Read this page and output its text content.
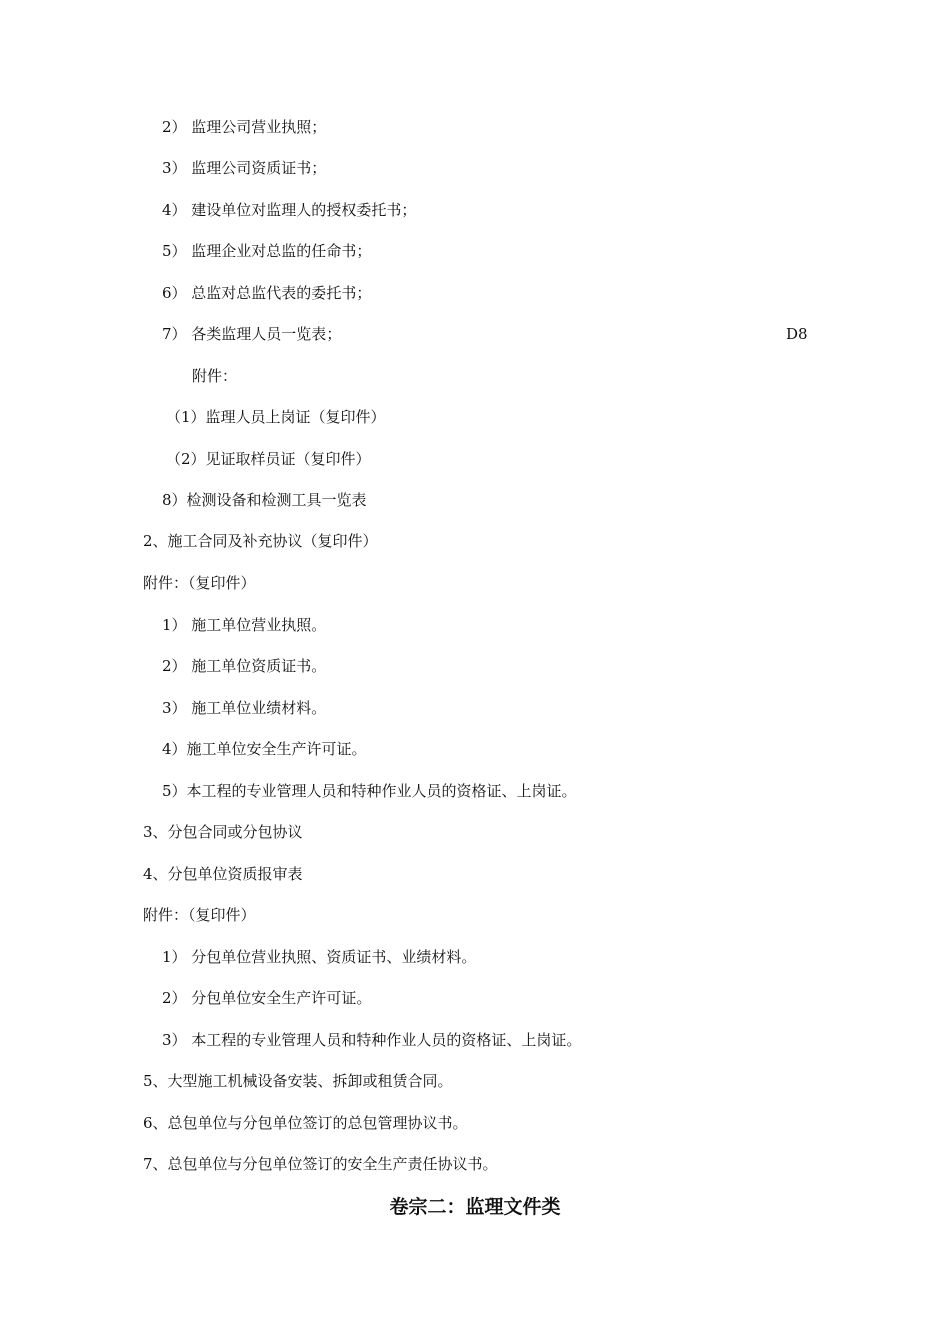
2） 监理公司营业执照；
3） 监理公司资质证书；
4） 建设单位对监理人的授权委托书；
5） 监理企业对总监的任命书；
6） 总监对总监代表的委托书；
7） 各类监理人员一览表；	D8
附件：
（1）监理人员上岗证（复印件）
（2）见证取样员证（复印件）
8）检测设备和检测工具一览表
2、施工合同及补充协议（复印件）
附件：（复印件）
1） 施工单位营业执照。
2） 施工单位资质证书。
3） 施工单位业绩材料。
4）施工单位安全生产许可证。
5）本工程的专业管理人员和特种作业人员的资格证、上岗证。
3、分包合同或分包协议
4、分包单位资质报审表
附件：（复印件）
1） 分包单位营业执照、资质证书、业绩材料。
2） 分包单位安全生产许可证。
3） 本工程的专业管理人员和特种作业人员的资格证、上岗证。
5、大型施工机械设备安装、拆卸或租赁合同。
6、总包单位与分包单位签订的总包管理协议书。
7、总包单位与分包单位签订的安全生产责任协议书。
卷宗二：监理文件类
